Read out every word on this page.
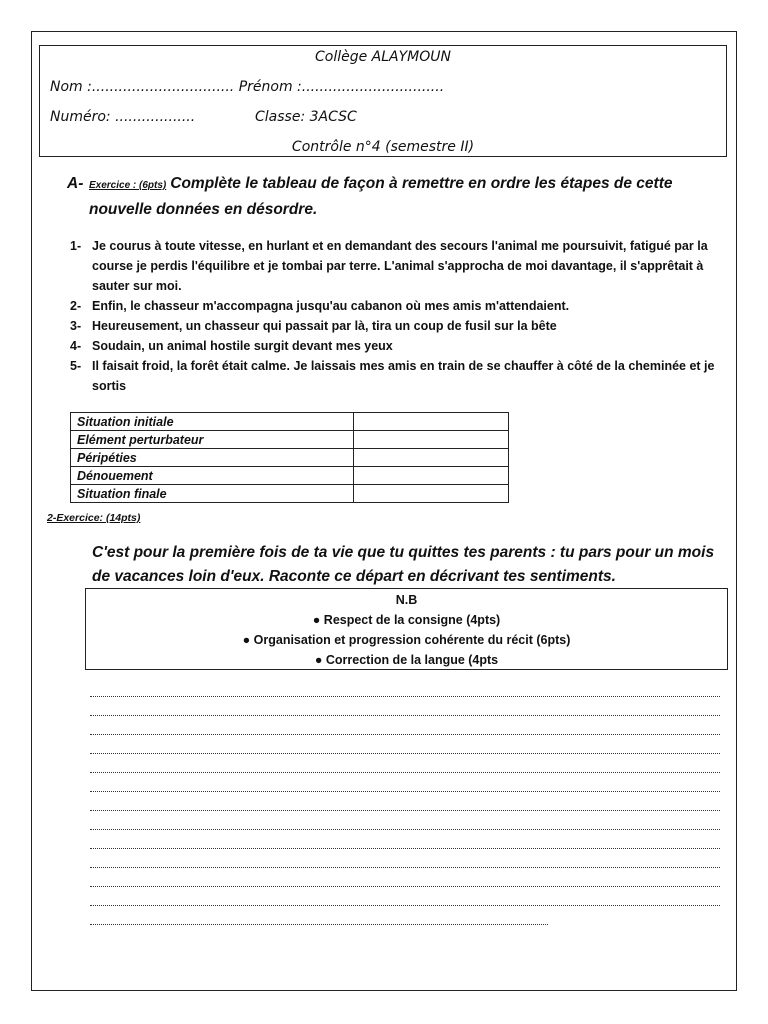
Collège ALAYMOUN
Nom :................................ Prénom :................................
Numéro: ..................	Classe: 3ACSC
Contrôle n°4 (semestre II)
A- Exercice : (6pts) Complète le tableau de façon à remettre en ordre les étapes de cette nouvelle données en désordre.
1- Je courus à toute vitesse, en hurlant et en demandant des secours l'animal me poursuivit, fatigué par la course je perdis l'équilibre et je tombai par terre. L'animal s'approcha de moi davantage, il s'apprêtait à sauter sur moi.
2- Enfin, le chasseur m'accompagna jusqu'au cabanon où mes amis m'attendaient.
3- Heureusement, un chasseur qui passait par là, tira un coup de fusil sur la bête
4- Soudain, un animal hostile surgit devant mes yeux
5- Il faisait froid, la forêt était calme. Je laissais mes amis en train de se chauffer à côté de la cheminée et je sortis
Situation initiale	
Elément perturbateur	
Péripéties	
Dénouement	
Situation finale	
2-Exercice: (14pts)
C'est pour la première fois de ta vie que tu quittes tes parents : tu pars pour un mois de vacances loin d'eux. Raconte ce départ en décrivant tes sentiments.
N.B
● Respect de la consigne (4pts)
● Organisation et progression cohérente du récit (6pts)
● Correction de la langue (4pts
